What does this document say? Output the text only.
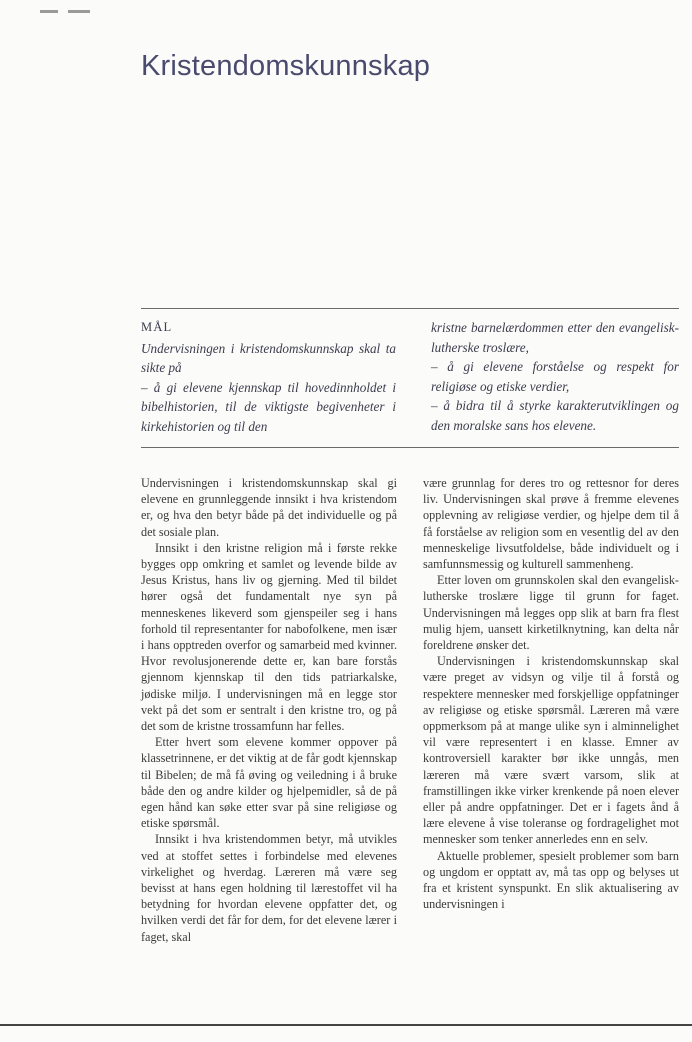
Kristendomskunnskap
MÅL

Undervisningen i kristendomskunnskap skal ta sikte på

– å gi elevene kjennskap til hovedinnholdet i bibelhistorien, til de viktigste begivenheter i kirkehistorien og til den

kristne barnelærdommen etter den evangelisk-lutherske troslære,

– å gi elevene forståelse og respekt for religiøse og etiske verdier,

– å bidra til å styrke karakterutviklingen og den moralske sans hos elevene.

Undervisningen i kristendomskunnskap skal gi elevene en grunnleggende innsikt i hva kristendom er, og hva den betyr både på det individuelle og på det sosiale plan.

Innsikt i den kristne religion må i første rekke bygges opp omkring et samlet og levende bilde av Jesus Kristus, hans liv og gjerning. Med til bildet hører også det fundamentalt nye syn på menneskenes likeverd som gjenspeiler seg i hans forhold til representanter for nabofolkene, men især i hans opptreden overfor og samarbeid med kvinner. Hvor revolusjonerende dette er, kan bare forstås gjennom kjennskap til den tids patriarkalske, jødiske miljø. I undervisningen må en legge stor vekt på det som er sentralt i den kristne tro, og på det som de kristne trossamfunn har felles.

Etter hvert som elevene kommer oppover på klassetrinnene, er det viktig at de får godt kjennskap til Bibelen; de må få øving og veiledning i å bruke både den og andre kilder og hjelpemidler, så de på egen hånd kan søke etter svar på sine religiøse og etiske spørsmål.

Innsikt i hva kristendommen betyr, må utvikles ved at stoffet settes i forbindelse med elevenes virkelighet og hverdag. Læreren må være seg bevisst at hans egen holdning til lærestoffet vil ha betydning for hvordan elevene oppfatter det, og hvilken verdi det får for dem, for det elevene lærer i faget, skal

være grunnlag for deres tro og rettesnor for deres liv. Undervisningen skal prøve å fremme elevenes opplevning av religiøse verdier, og hjelpe dem til å få forståelse av religion som en vesentlig del av den menneskelige livsutfoldelse, både individuelt og i samfunnsmessig og kulturell sammenheng.

Etter loven om grunnskolen skal den evangelisk-lutherske troslære ligge til grunn for faget. Undervisningen må legges opp slik at barn fra flest mulig hjem, uansett kirketilknytning, kan delta når foreldrene ønsker det.

Undervisningen i kristendomskunnskap skal være preget av vidsyn og vilje til å forstå og respektere mennesker med forskjellige oppfatninger av religiøse og etiske spørsmål. Læreren må være oppmerksom på at mange ulike syn i alminnelighet vil være representert i en klasse. Emner av kontroversiell karakter bør ikke unngås, men læreren må være svært varsom, slik at framstillingen ikke virker krenkende på noen elever eller på andre oppfatninger. Det er i fagets ånd å lære elevene å vise toleranse og fordragelighet mot mennesker som tenker annerledes enn en selv.

Aktuelle problemer, spesielt problemer som barn og ungdom er opptatt av, må tas opp og belyses ut fra et kristent synspunkt. En slik aktualisering av undervisningen i
